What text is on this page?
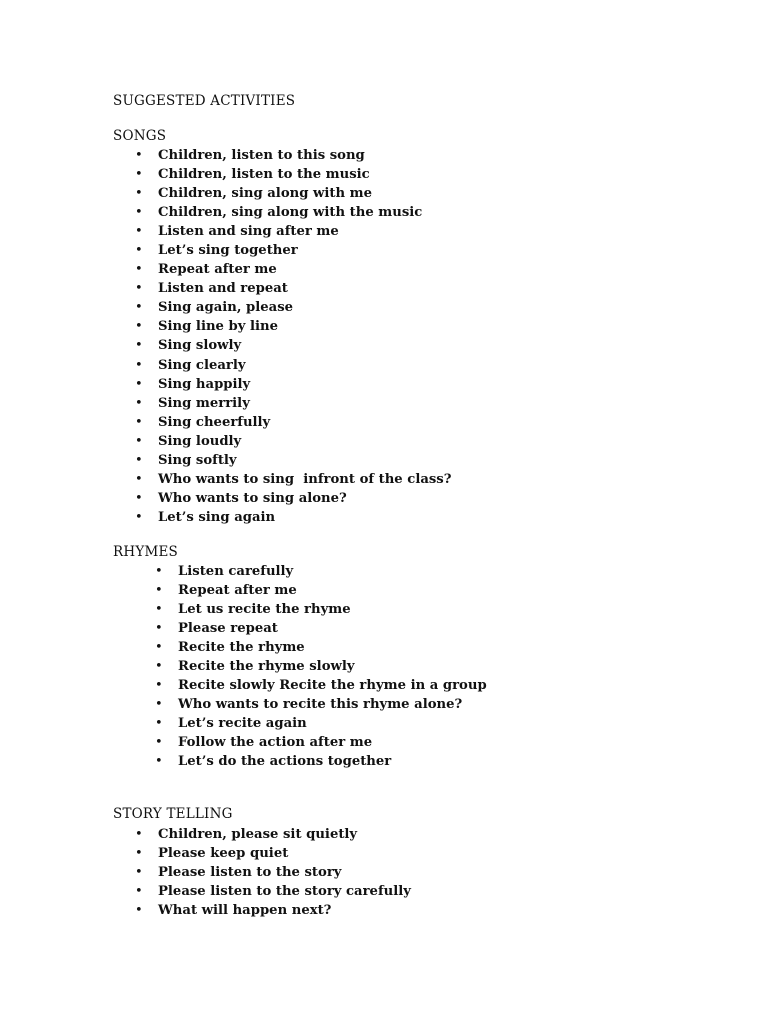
SUGGESTED ACTIVITIES
SONGS
• Children, listen to this song
• Children, listen to the music
• Children, sing along with me
• Children, sing along with the music
• Listen and sing after me
• Let’s sing together
• Repeat after me
• Listen and repeat
• Sing again, please
• Sing line by line
• Sing slowly
• Sing clearly
• Sing happily
• Sing merrily
• Sing cheerfully
• Sing loudly
• Sing softly
• Who wants to sing  infront of the class?
• Who wants to sing alone?
• Let’s sing again
RHYMES
• Listen carefully
• Repeat after me
• Let us recite the rhyme
• Please repeat
• Recite the rhyme
• Recite the rhyme slowly
• Recite slowly Recite the rhyme in a group
• Who wants to recite this rhyme alone?
• Let’s recite again
• Follow the action after me
• Let’s do the actions together
STORY TELLING
• Children, please sit quietly
• Please keep quiet
• Please listen to the story
• Please listen to the story carefully
• What will happen next?
